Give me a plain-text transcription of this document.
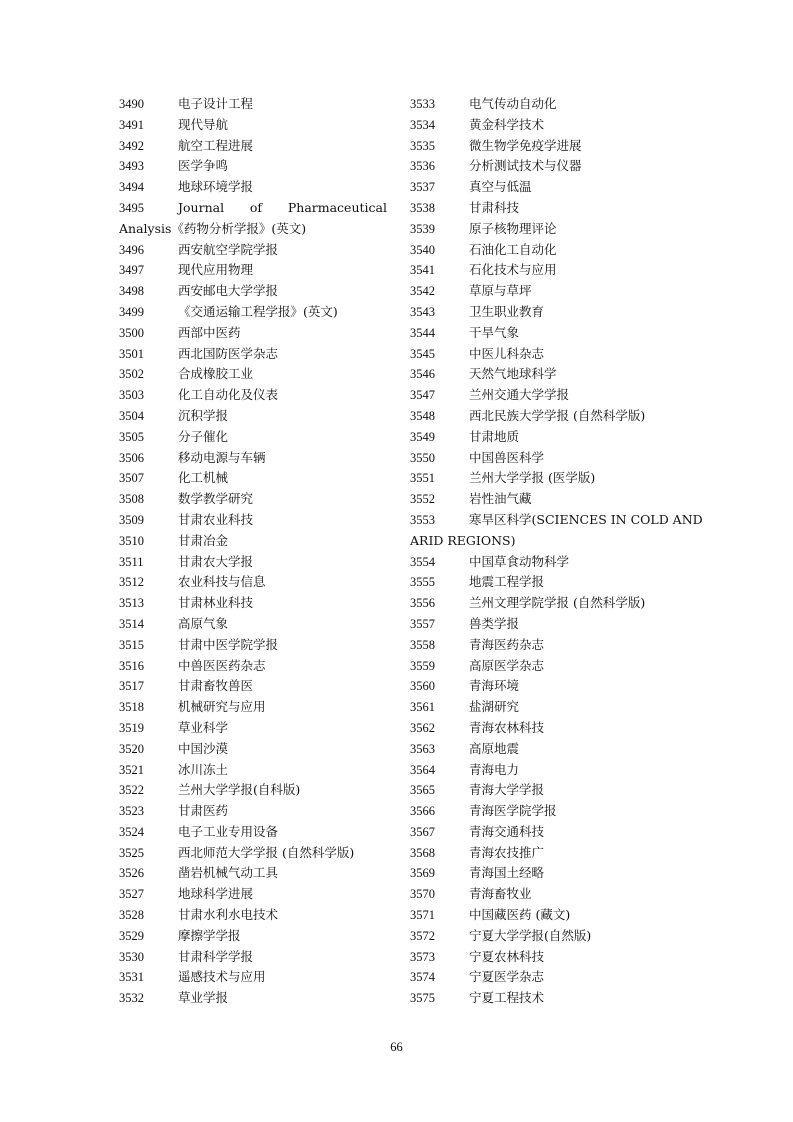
3490	电子设计工程
3491	现代导航
3492	航空工程进展
3493	医学争鸣
3494	地球环境学报
3495	Journal of Pharmaceutical
Analysis《药物分析学报》(英文)
3496	西安航空学院学报
3497	现代应用物理
3498	西安邮电大学学报
3499	《交通运输工程学报》(英文)
3500	西部中医药
3501	西北国防医学杂志
3502	合成橡胶工业
3503	化工自动化及仪表
3504	沉积学报
3505	分子催化
3506	移动电源与车辆
3507	化工机械
3508	数学教学研究
3509	甘肃农业科技
3510	甘肃冶金
3511	甘肃农大学报
3512	农业科技与信息
3513	甘肃林业科技
3514	高原气象
3515	甘肃中医学院学报
3516	中兽医医药杂志
3517	甘肃畜牧兽医
3518	机械研究与应用
3519	草业科学
3520	中国沙漠
3521	冰川冻土
3522	兰州大学学报(自科版)
3523	甘肃医药
3524	电子工业专用设备
3525	西北师范大学学报 (自然科学版)
3526	凿岩机械气动工具
3527	地球科学进展
3528	甘肃水利水电技术
3529	摩擦学学报
3530	甘肃科学学报
3531	遥感技术与应用
3532	草业学报
3533	电气传动自动化
3534	黄金科学技术
3535	微生物学免疫学进展
3536	分析测试技术与仪器
3537	真空与低温
3538	甘肃科技
3539	原子核物理评论
3540	石油化工自动化
3541	石化技术与应用
3542	草原与草坪
3543	卫生职业教育
3544	干旱气象
3545	中医儿科杂志
3546	天然气地球科学
3547	兰州交通大学学报
3548	西北民族大学学报 (自然科学版)
3549	甘肃地质
3550	中国兽医科学
3551	兰州大学学报 (医学版)
3552	岩性油气藏
3553	寒旱区科学(SCIENCES IN COLD AND
ARID REGIONS)
3554	中国草食动物科学
3555	地震工程学报
3556	兰州文理学院学报 (自然科学版)
3557	兽类学报
3558	青海医药杂志
3559	高原医学杂志
3560	青海环境
3561	盐湖研究
3562	青海农林科技
3563	高原地震
3564	青海电力
3565	青海大学学报
3566	青海医学院学报
3567	青海交通科技
3568	青海农技推广
3569	青海国土经略
3570	青海畜牧业
3571	中国藏医药 (藏文)
3572	宁夏大学学报(自然版)
3573	宁夏农林科技
3574	宁夏医学杂志
3575	宁夏工程技术
66
